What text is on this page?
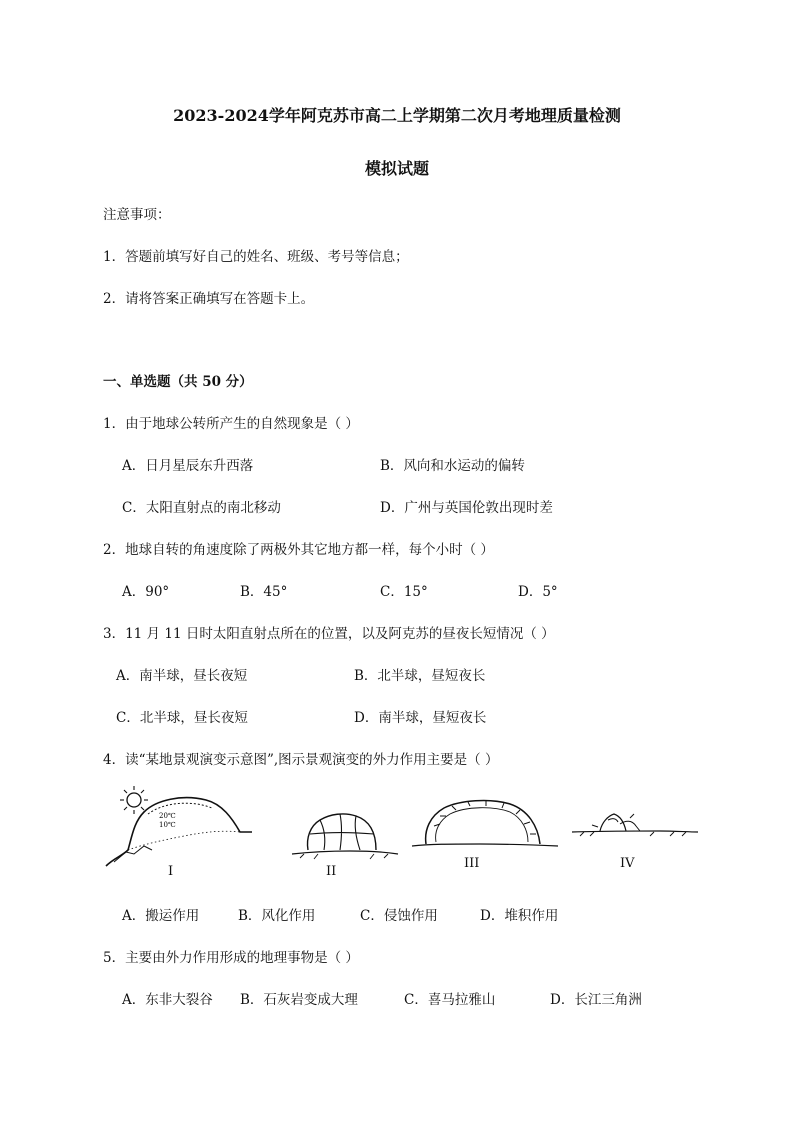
2023-2024学年阿克苏市高二上学期第二次月考地理质量检测
模拟试题
注意事项：
1．答题前填写好自己的姓名、班级、考号等信息；
2．请将答案正确填写在答题卡上。
一、单选题（共 50 分）
1．由于地球公转所产生的自然现象是（ ）
A．日月星辰东升西落	B．风向和水运动的偏转
C．太阳直射点的南北移动	D．广州与英国伦敦出现时差
2．地球自转的角速度除了两极外其它地方都一样，每个小时（ ）
A．90°	B．45°	C．15°	D．5°
3．11 月 11 日时太阳直射点所在的位置，以及阿克苏的昼夜长短情况（ ）
A．南半球，昼长夜短	B．北半球，昼短夜长
C．北半球，昼长夜短	D．南半球，昼短夜长
4．读“某地景观演变示意图”,图示景观演变的外力作用主要是（ ）
20℃
10℃
I	II
III	IV
A．搬运作用	B．风化作用	C．侵蚀作用	D．堆积作用
5．主要由外力作用形成的地理事物是（ ）
A．东非大裂谷 B．石灰岩变成大理	C．喜马拉雅山	D．长江三角洲
